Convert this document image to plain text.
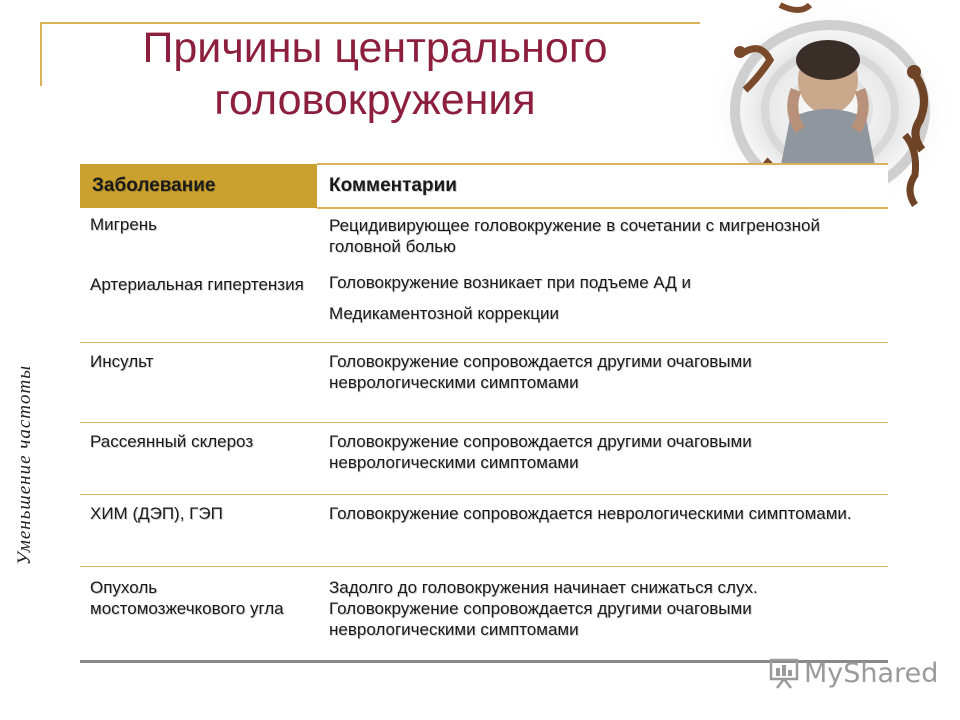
Причины центрального
головокружения
Уменьшение частоты
Заболевание	Комментарии
Мигрень	Рецидивирующее головокружение в сочетании с мигренозной головной болью
Артериальная гипертензия	Головокружение возникает при подъеме АД и
Медикаментозной коррекции
Инсульт	Головокружение сопровождается другими очаговыми неврологическими симптомами
Рассеянный склероз	Головокружение сопровождается другими очаговыми неврологическими симптомами
ХИМ (ДЭП), ГЭП	Головокружение сопровождается неврологическими симптомами.
Опухоль мостомозжечкового угла	Задолго до головокружения начинает снижаться слух. Головокружение сопровождается другими очаговыми неврологическими симптомами
MyShared
